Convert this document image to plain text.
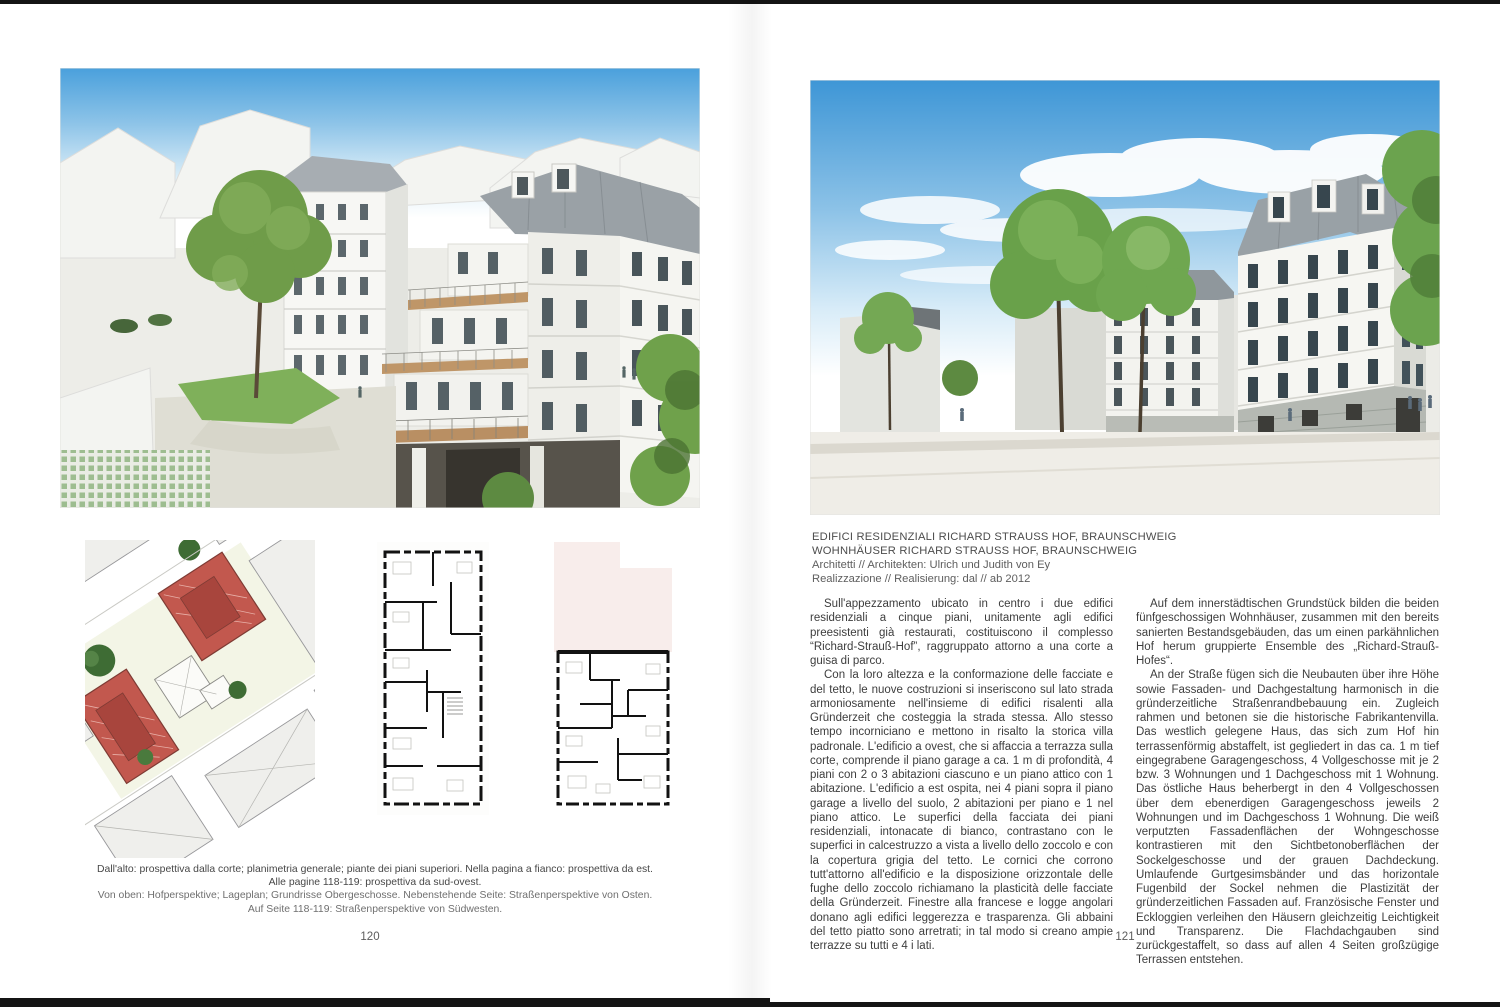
Dall'alto: prospettiva dalla corte; planimetria generale; piante dei piani superiori. Nella pagina a fianco: prospettiva da est.

Alle pagine 118-119: prospettiva da sud-ovest.

Von oben: Hofperspektive; Lageplan; Grundrisse Obergeschosse. Nebenstehende Seite: Straßenperspektive von Osten.

Auf Seite 118-119: Straßenperspektive von Südwesten.

120
EDIFICI RESIDENZIALI RICHARD STRAUSS HOF, BRAUNSCHWEIG
WOHNHÄUSER RICHARD STRAUSS HOF, BRAUNSCHWEIG
Architetti // Architekten: Ulrich und Judith von Ey
Realizzazione // Realisierung: dal // ab 2012

Sull'appezzamento ubicato in centro i due edifici residenziali a cinque piani, unitamente agli edifici preesistenti già restaurati, costituiscono il complesso “Richard-Strauß-Hof”, raggruppato attorno a una corte a guisa di parco.

Con la loro altezza e la conformazione delle facciate e del tetto, le nuove costruzioni si inseriscono sul lato strada armoniosamente nell'insieme di edifici risalenti alla Gründerzeit che costeggia la strada stessa. Allo stesso tempo incorniciano e mettono in risalto la storica villa padronale. L'edificio a ovest, che si affaccia a terrazza sulla corte, comprende il piano garage a ca. 1 m di profondità, 4 piani con 2 o 3 abitazioni ciascuno e un piano attico con 1 abitazione. L'edificio a est ospita, nei 4 piani sopra il piano garage a livello del suolo, 2 abitazioni per piano e 1 nel piano attico. Le superfici della facciata dei piani residenziali, intonacate di bianco, contrastano con le superfici in calcestruzzo a vista a livello dello zoccolo e con la copertura grigia del tetto. Le cornici che corrono tutt'attorno all'edificio e la disposizione orizzontale delle fughe dello zoccolo richiamano la plasticità delle facciate della Gründerzeit. Finestre alla francese e logge angolari donano agli edifici leggerezza e trasparenza. Gli abbaini del tetto piatto sono arretrati; in tal modo si creano ampie terrazze su tutti e 4 i lati.

Auf dem innerstädtischen Grundstück bilden die beiden fünfgeschossigen Wohnhäuser, zusammen mit den bereits sanierten Bestandsgebäuden, das um einen parkähnlichen Hof herum gruppierte Ensemble des „Richard-Strauß-Hofes“.

An der Straße fügen sich die Neubauten über ihre Höhe sowie Fassaden- und Dachgestaltung harmonisch in die gründerzeitliche Straßenrandbebauung ein. Zugleich rahmen und betonen sie die historische Fabrikantenvilla. Das westlich gelegene Haus, das sich zum Hof hin terrassenförmig abstaffelt, ist gegliedert in das ca. 1 m tief eingegrabene Garagengeschoss, 4 Vollgeschosse mit je 2 bzw. 3 Wohnungen und 1 Dachgeschoss mit 1 Wohnung. Das östliche Haus beherbergt in den 4 Vollgeschossen über dem ebenerdigen Garagengeschoss jeweils 2 Wohnungen und im Dachgeschoss 1 Wohnung. Die weiß verputzten Fassadenflächen der Wohngeschosse kontrastieren mit den Sichtbetonoberflächen der Sockelgeschosse und der grauen Dachdeckung. Umlaufende Gurtgesimsbänder und das horizontale Fugenbild der Sockel nehmen die Plastizität der gründerzeitlichen Fassaden auf. Französische Fenster und Eckloggien verleihen den Häusern gleichzeitig Leichtigkeit und Transparenz. Die Flachdachgauben sind zurückgestaffelt, so dass auf allen 4 Seiten großzügige Terrassen entstehen.

121
